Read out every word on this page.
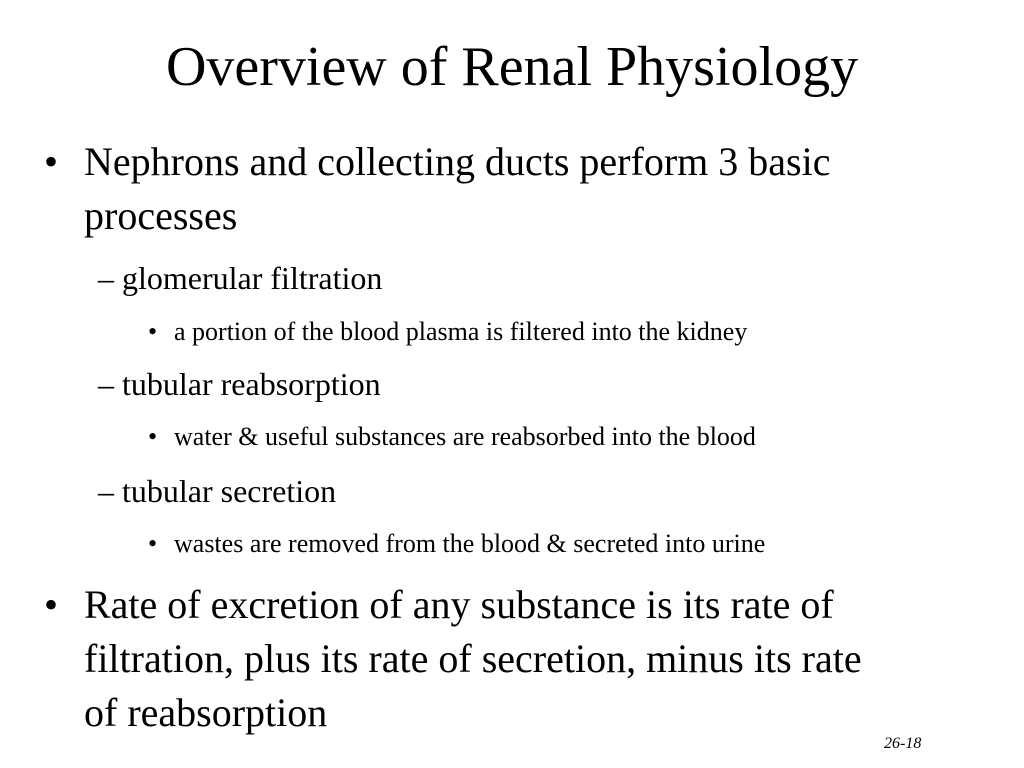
Overview of Renal Physiology
• Nephrons and collecting ducts perform 3 basic
processes
– glomerular filtration
• a portion of the blood plasma is filtered into the kidney
– tubular reabsorption
• water & useful substances are reabsorbed into the blood
– tubular secretion
• wastes are removed from the blood & secreted into urine
• Rate of excretion of any substance is its rate of
filtration, plus its rate of secretion, minus its rate
of reabsorption
26-18
